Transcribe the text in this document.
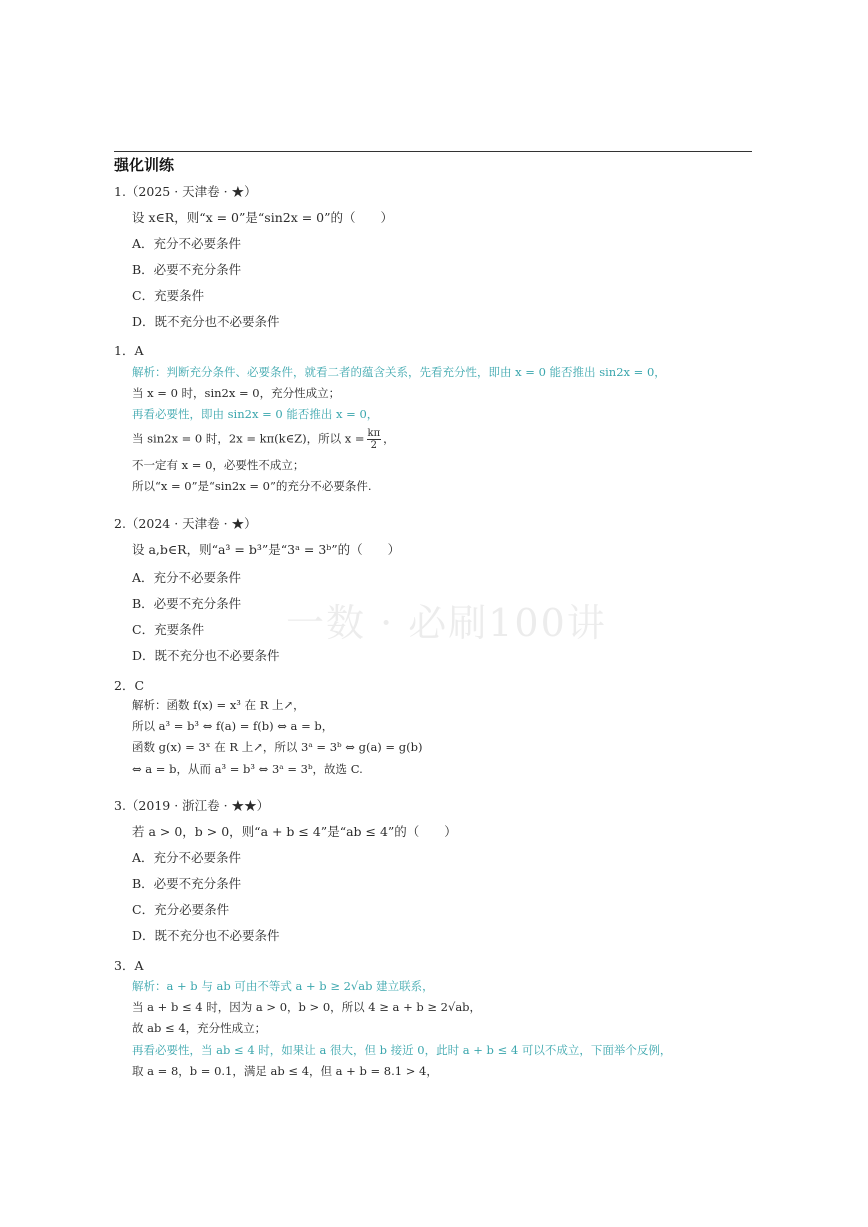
强化训练
一数 · 必刷100讲
1.（2025 · 天津卷 · ★）
设 x∈R，则“x = 0”是“sin2x = 0”的（　　）
A．充分不必要条件
B．必要不充分条件
C．充要条件
D．既不充分也不必要条件
1．A
解析：判断充分条件、必要条件，就看二者的蕴含关系，先看充分性，即由 x = 0 能否推出 sin2x = 0，
当 x = 0 时，sin2x = 0，充分性成立；
再看必要性，即由 sin2x = 0 能否推出 x = 0，
当 sin2x = 0 时，2x = kπ(k∈Z)，所以 $x = \frac{k\pi}{2}$ ，
不一定有 x = 0，必要性不成立；
所以“x = 0”是“sin2x = 0”的充分不必要条件.
2.（2024 · 天津卷 · ★）
设 a,b∈R，则“a³ = b³”是“3ᵃ = 3ᵇ”的（　　）
A．充分不必要条件
B．必要不充分条件
C．充要条件
D．既不充分也不必要条件
2．C
解析：函数 f(x) = x³ 在 R 上↗，
所以 a³ = b³ ⇔ f(a) = f(b) ⇔ a = b，
函数 g(x) = 3ˣ 在 R 上↗，所以 3ᵃ = 3ᵇ ⇔ g(a) = g(b)
⇔ a = b，从而 a³ = b³ ⇔ 3ᵃ = 3ᵇ，故选 C.
3.（2019 · 浙江卷 · ★★）
若 a > 0，b > 0，则“a + b ≤ 4”是“ab ≤ 4”的（　　）
A．充分不必要条件
B．必要不充分条件
C．充分必要条件
D．既不充分也不必要条件
3．A
解析：a + b 与 ab 可由不等式 a + b ≥ 2√ab 建立联系，
当 a + b ≤ 4 时，因为 a > 0，b > 0，所以 4 ≥ a + b ≥ 2√ab，
故 ab ≤ 4，充分性成立；
再看必要性，当 ab ≤ 4 时，如果让 a 很大，但 b 接近 0，此时 a + b ≤ 4 可以不成立，下面举个反例，
取 a = 8，b = 0.1，满足 ab ≤ 4，但 a + b = 8.1 > 4，
